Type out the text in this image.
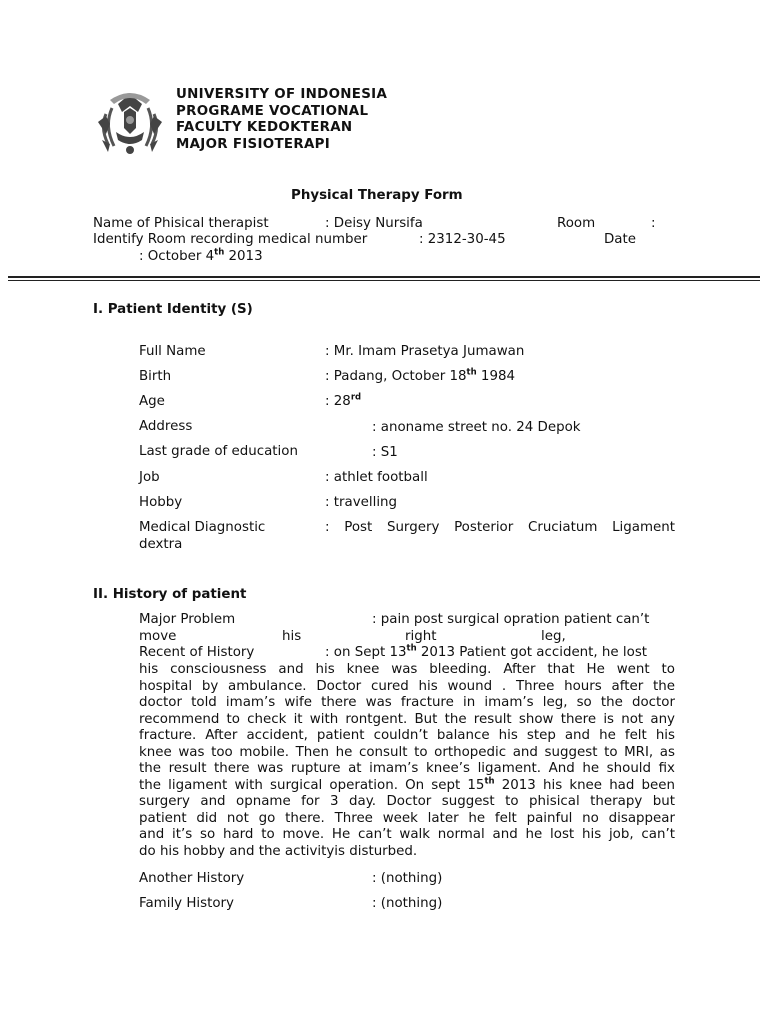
UNIVERSITY OF INDONESIA
PROGRAME VOCATIONAL
FACULTY KEDOKTERAN
MAJOR FISIOTERAPI
Physical Therapy Form
Name of Phisical therapist	: Deisy Nursifa	Room	:
Identify Room recording medical number	: 2312-30-45	Date
: October 4th 2013
I. Patient Identity (S)
Full Name	: Mr. Imam Prasetya Jumawan
Birth	: Padang, October 18th 1984
Age	: 28rd
Address	: anoname street no. 24 Depok
Last grade of education	: S1
Job	: athlet football
Hobby	: travelling
Medical Diagnostic	: Post Surgery Posterior Cruciatum Ligament
dextra
II. History of patient
Major Problem	: pain post surgical opration patient can’t
move	his	right	leg,
Recent of History	: on Sept 13th 2013 Patient got accident, he lost
his consciousness and his knee was bleeding. After that He went to
hospital by ambulance. Doctor cured his wound . Three hours after the
doctor told imam’s wife there was fracture in imam’s leg, so the doctor
recommend to check it with rontgent. But the result show there is not any
fracture. After accident, patient couldn’t balance his step and he felt his
knee was too mobile. Then he consult to orthopedic and suggest to MRI, as
the result there was rupture at imam’s knee’s ligament. And he should fix
the ligament with surgical operation. On sept 15th 2013 his knee had been
surgery and opname for 3 day. Doctor suggest to phisical therapy but
patient did not go there. Three week later he felt painful no disappear
and it’s so hard to move. He can’t walk normal and he lost his job, can’t
do his hobby and the activityis disturbed.
Another History	: (nothing)
Family History	: (nothing)
